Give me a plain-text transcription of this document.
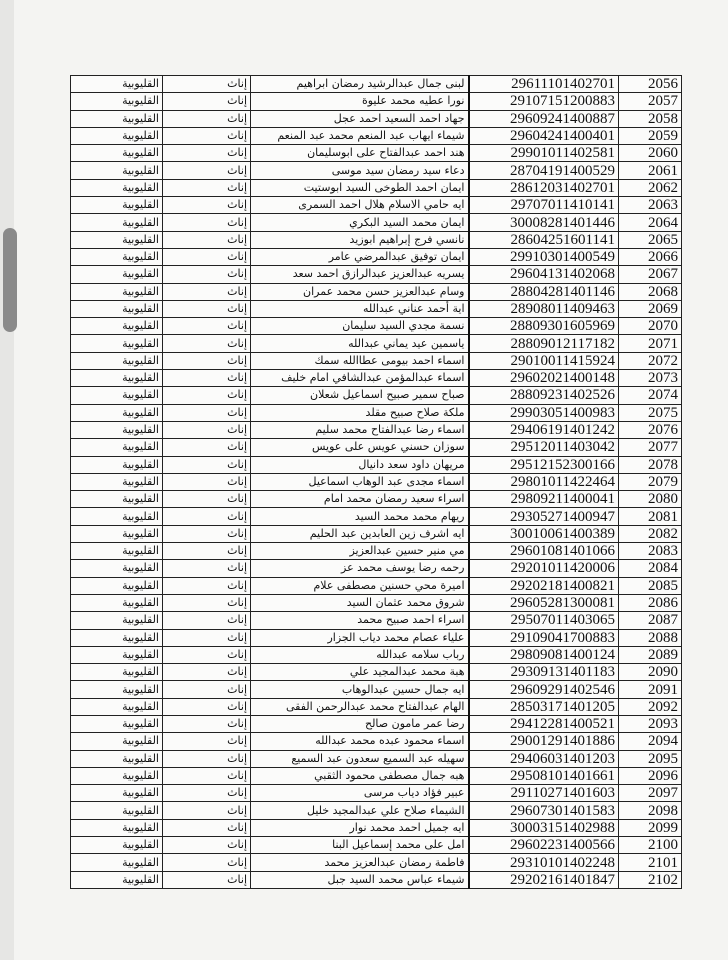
القليوبية	إناث	لبنى جمال عبدالرشيد رمضان ابراهيم	29611101402701	2056
القليوبية	إناث	نورا عطيه محمد عليوة	29107151200883	2057
القليوبية	إناث	جهاد احمد السعيد احمد عجل	29609241400887	2058
القليوبية	إناث	شيماء ايهاب عبد المنعم محمد عبد المنعم	29604241400401	2059
القليوبية	إناث	هند احمد عبدالفتاح على ابوسليمان	29901011402581	2060
القليوبية	إناث	دعاء سيد رمضان سيد موسى	28704191400529	2061
القليوبية	إناث	ايمان احمد الطوخى السيد ابوستيت	28612031402701	2062
القليوبية	إناث	ايه حامي الاسلام هلال احمد السمرى	29707011410141	2063
القليوبية	إناث	ايمان محمد السيد البكري	30008281401446	2064
القليوبية	إناث	نانسي فرج إبراهيم ابوزيد	28604251601141	2065
القليوبية	إناث	ايمان توفيق عبدالمرضي عامر	29910301400549	2066
القليوبية	إناث	يسريه عبدالعزيز عبدالرازق احمد سعد	29604131402068	2067
القليوبية	إناث	وسام عبدالعزيز حسن محمد عمران	28804281401146	2068
القليوبية	إناث	اية أحمد عناني عبدالله	28908011409463	2069
القليوبية	إناث	نسمة مجدي السيد سليمان	28809301605969	2070
القليوبية	إناث	ياسمين عيد يماني عبدالله	28809012117182	2071
القليوبية	إناث	اسماء احمد بيومى عطاالله سمك	29010011415924	2072
القليوبية	إناث	اسماء عبدالمؤمن عبدالشافي امام خليف	29602021400148	2073
القليوبية	إناث	صباح سمير صبيح اسماعيل شعلان	28809231402526	2074
القليوبية	إناث	ملكة صلاح صبيح مقلد	29903051400983	2075
القليوبية	إناث	اسماء رضا عبدالفتاح محمد سليم	29406191401242	2076
القليوبية	إناث	سوزان حسني عويس على عويس	29512011403042	2077
القليوبية	إناث	مريهان داود سعد دانيال	29512152300166	2078
القليوبية	إناث	اسماء مجدى عبد الوهاب اسماعيل	29801011422464	2079
القليوبية	إناث	اسراء سعيد رمضان محمد امام	29809211400041	2080
القليوبية	إناث	ريهام محمد محمد السيد	29305271400947	2081
القليوبية	إناث	ايه اشرف زين العابدين عبد الحليم	30010061400389	2082
القليوبية	إناث	مي منير حسين عبدالعزيز	29601081401066	2083
القليوبية	إناث	رحمه رضا يوسف محمد عز	29201011420006	2084
القليوبية	إناث	اميرة محي حسنين مصطفى علام	29202181400821	2085
القليوبية	إناث	شروق محمد عثمان السيد	29605281300081	2086
القليوبية	إناث	اسراء احمد صبيح محمد	29507011403065	2087
القليوبية	إناث	علياء عصام محمد دياب الجزار	29109041700883	2088
القليوبية	إناث	رباب سلامه عبدالله	29809081400124	2089
القليوبية	إناث	هبة محمد عبدالمجيد علي	29309131401183	2090
القليوبية	إناث	ايه جمال حسين عبدالوهاب	29609291402546	2091
القليوبية	إناث	الهام عبدالفتاح محمد عبدالرحمن الفقى	28503171401205	2092
القليوبية	إناث	رضا عمر مامون صالح	29412281400521	2093
القليوبية	إناث	اسماء محمود عبده محمد عبدالله	29001291401886	2094
القليوبية	إناث	سهيله عبد السميع سعدون عبد السميع	29406031401203	2095
القليوبية	إناث	هبه جمال مصطفى محمود الثقبي	29508101401661	2096
القليوبية	إناث	عبير فؤاد دياب مرسى	29110271401603	2097
القليوبية	إناث	الشيماء صلاح علي عبدالمجيد خليل	29607301401583	2098
القليوبية	إناث	ايه جميل احمد محمد نوار	30003151402988	2099
القليوبية	إناث	امل على محمد إسماعيل البنا	29602231400566	2100
القليوبية	إناث	فاطمة رمضان عبدالعزيز محمد	29310101402248	2101
القليوبية	إناث	شيماء عباس محمد السيد جبل	29202161401847	2102
